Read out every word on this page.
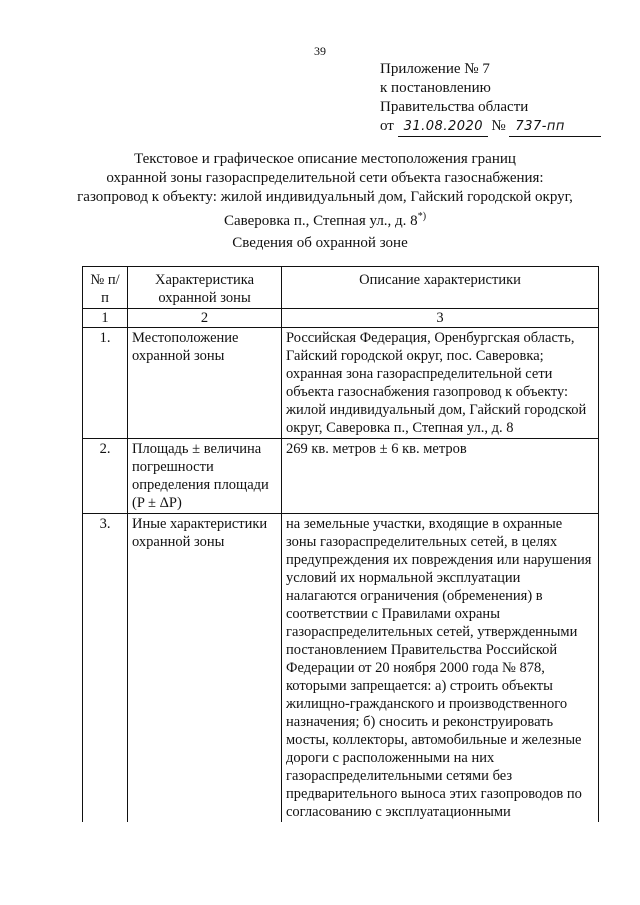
39
Приложение № 7
к постановлению
Правительства области
от 31.08.2020 № 737-пп
Текстовое и графическое описание местоположения границ
охранной зоны газораспределительной сети объекта газоснабжения:
газопровод к объекту: жилой индивидуальный дом, Гайский городской округ,
Саверовка п., Степная ул., д. 8*)
Сведения об охранной зоне
№ п/п	Характеристика охранной зоны	Описание характеристики
1	2	3
1.	Местоположение охранной зоны	Российская Федерация, Оренбургская область, Гайский городской округ, пос. Саверовка; охранная зона газораспределительной сети объекта газоснабжения газопровод к объекту: жилой индивидуальный дом, Гайский городской округ, Саверовка п., Степная ул., д. 8
2.	Площадь ± величина погрешности определения площади (P ± ΔP)	269 кв. метров ± 6 кв. метров
3.	Иные характеристики охранной зоны	на земельные участки, входящие в охранные зоны газораспределительных сетей, в целях предупреждения их повреждения или нарушения условий их нормальной эксплуатации налагаются ограничения (обременения) в соответствии с Правилами охраны газораспределительных сетей, утвержденными постановлением Правительства Российской Федерации от 20 ноября 2000 года № 878, которыми запрещается: а) строить объекты жилищно-гражданского и производственного назначения; б) сносить и реконструировать мосты, коллекторы, автомобильные и железные дороги с расположенными на них газораспределительными сетями без предварительного выноса этих газопроводов по согласованию с эксплуатационными
